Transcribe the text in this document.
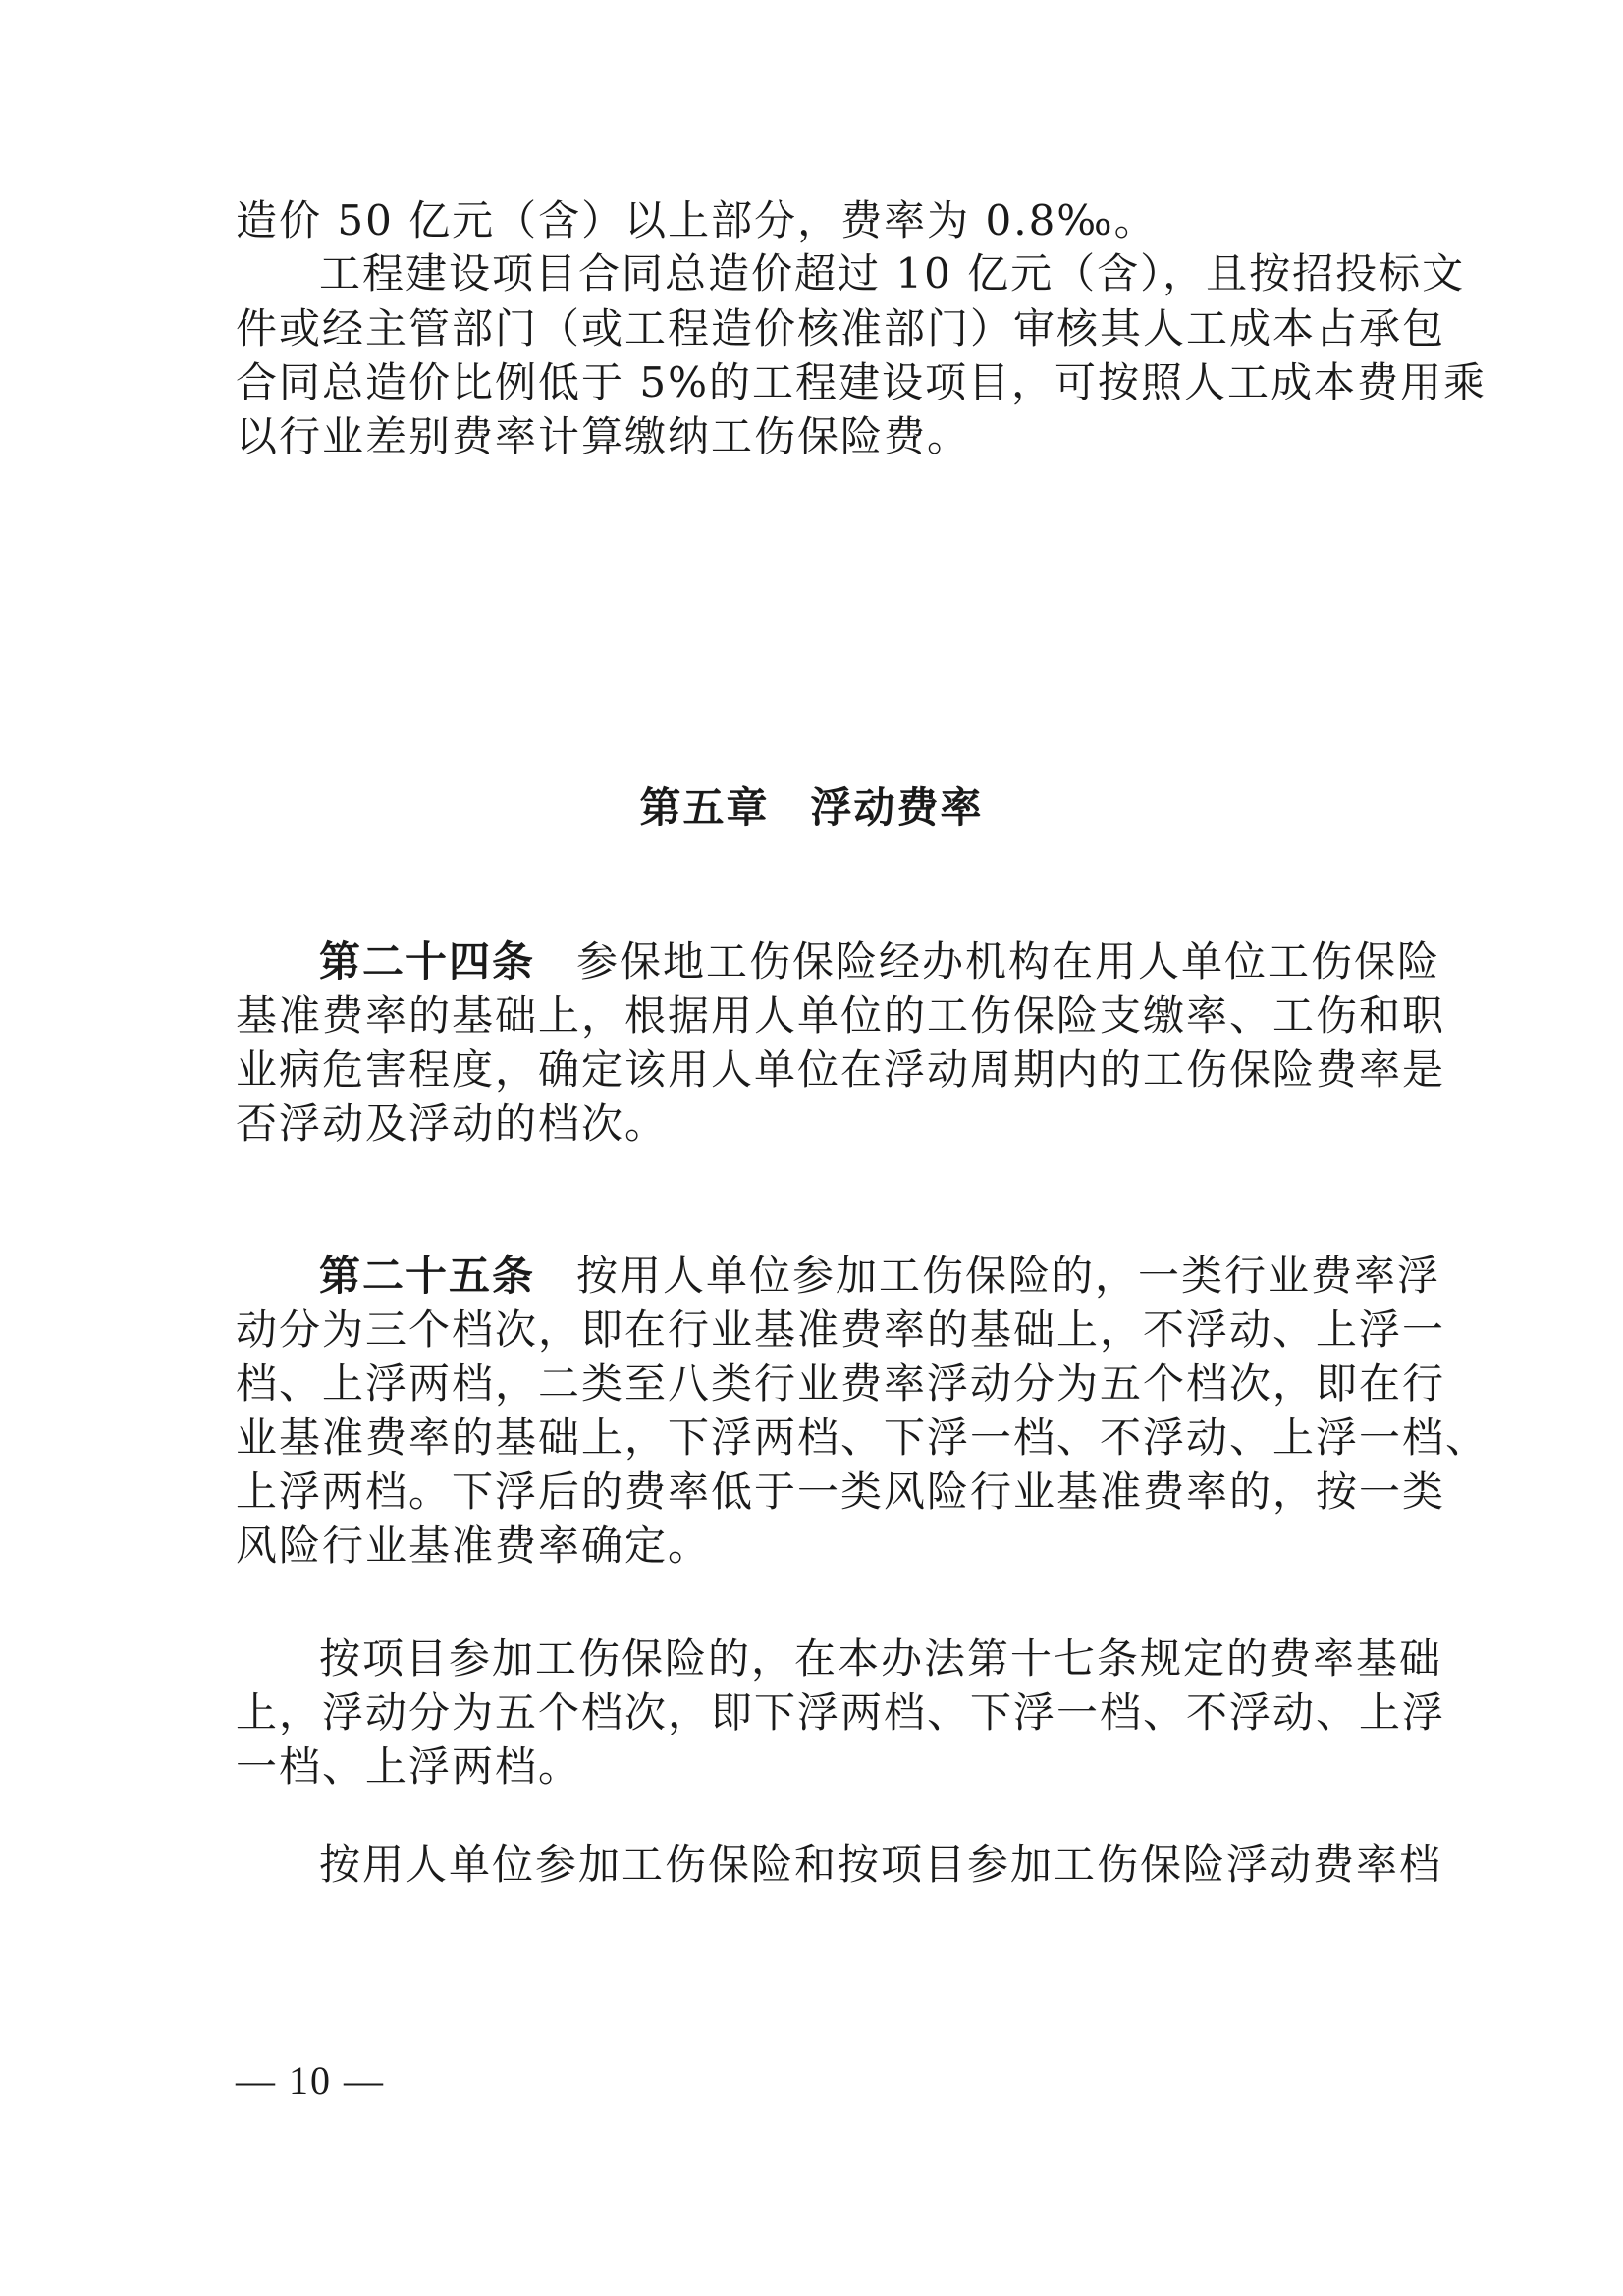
造价 50 亿元（含）以上部分，费率为 0.8‰。
工程建设项目合同总造价超过 10 亿元（含），且按招投标文
件或经主管部门（或工程造价核准部门）审核其人工成本占承包
合同总造价比例低于 5%的工程建设项目，可按照人工成本费用乘
以行业差别费率计算缴纳工伤保险费。
第五章 浮动费率
第二十四条 参保地工伤保险经办机构在用人单位工伤保险
基准费率的基础上，根据用人单位的工伤保险支缴率、工伤和职
业病危害程度，确定该用人单位在浮动周期内的工伤保险费率是
否浮动及浮动的档次。
第二十五条 按用人单位参加工伤保险的，一类行业费率浮
动分为三个档次，即在行业基准费率的基础上，不浮动、上浮一
档、上浮两档，二类至八类行业费率浮动分为五个档次，即在行
业基准费率的基础上，下浮两档、下浮一档、不浮动、上浮一档、
上浮两档。下浮后的费率低于一类风险行业基准费率的，按一类
风险行业基准费率确定。
按项目参加工伤保险的，在本办法第十七条规定的费率基础
上，浮动分为五个档次，即下浮两档、下浮一档、不浮动、上浮
一档、上浮两档。
按用人单位参加工伤保险和按项目参加工伤保险浮动费率档
— 10 —
